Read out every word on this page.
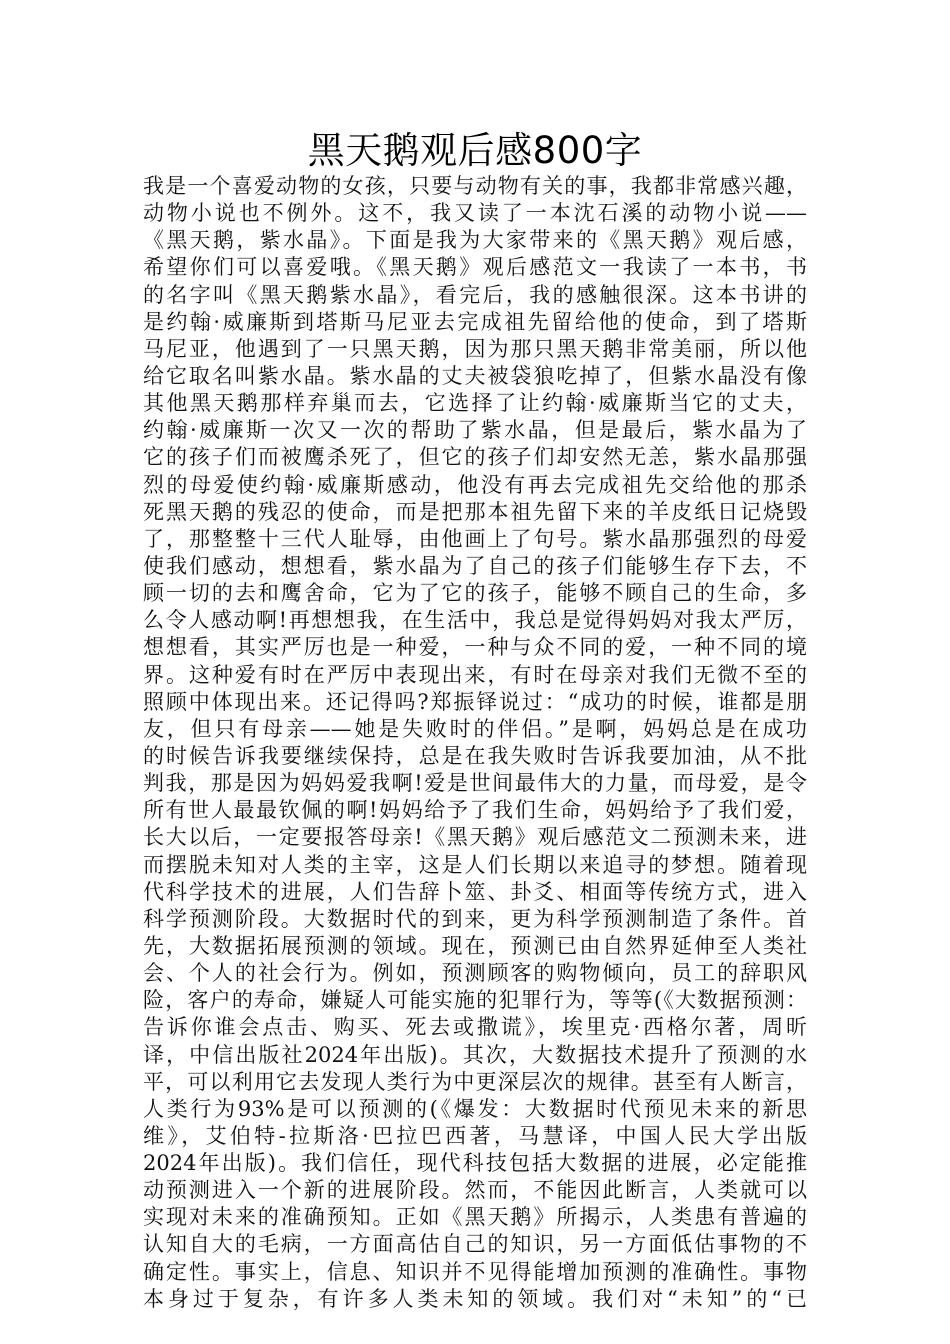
黑天鹅观后感800字
我是一个喜爱动物的女孩，只要与动物有关的事，我都非常感兴趣，
动物小说也不例外。这不，我又读了一本沈石溪的动物小说——
《黑天鹅，紫水晶》。下面是我为大家带来的《黑天鹅》观后感，
希望你们可以喜爱哦。《黑天鹅》观后感范文一我读了一本书，书
的名字叫《黑天鹅紫水晶》，看完后，我的感触很深。这本书讲的
是约翰·威廉斯到塔斯马尼亚去完成祖先留给他的使命，到了塔斯
马尼亚，他遇到了一只黑天鹅，因为那只黑天鹅非常美丽，所以他
给它取名叫紫水晶。紫水晶的丈夫被袋狼吃掉了，但紫水晶没有像
其他黑天鹅那样弃巢而去，它选择了让约翰·威廉斯当它的丈夫，
约翰·威廉斯一次又一次的帮助了紫水晶，但是最后，紫水晶为了
它的孩子们而被鹰杀死了，但它的孩子们却安然无恙，紫水晶那强
烈的母爱使约翰·威廉斯感动，他没有再去完成祖先交给他的那杀
死黑天鹅的残忍的使命，而是把那本祖先留下来的羊皮纸日记烧毁
了，那整整十三代人耻辱，由他画上了句号。紫水晶那强烈的母爱
使我们感动，想想看，紫水晶为了自己的孩子们能够生存下去，不
顾一切的去和鹰舍命，它为了它的孩子，能够不顾自己的生命，多
么令人感动啊!再想想我，在生活中，我总是觉得妈妈对我太严厉，
想想看，其实严厉也是一种爱，一种与众不同的爱，一种不同的境
界。这种爱有时在严厉中表现出来，有时在母亲对我们无微不至的
照顾中体现出来。还记得吗?郑振铎说过：“成功的时候，谁都是朋
友，但只有母亲——她是失败时的伴侣。”是啊，妈妈总是在成功
的时候告诉我要继续保持，总是在我失败时告诉我要加油，从不批
判我，那是因为妈妈爱我啊!爱是世间最伟大的力量，而母爱，是令
所有世人最最钦佩的啊!妈妈给予了我们生命，妈妈给予了我们爱，
长大以后，一定要报答母亲!《黑天鹅》观后感范文二预测未来，进
而摆脱未知对人类的主宰，这是人们长期以来追寻的梦想。随着现
代科学技术的进展，人们告辞卜筮、卦爻、相面等传统方式，进入
科学预测阶段。大数据时代的到来，更为科学预测制造了条件。首
先，大数据拓展预测的领域。现在，预测已由自然界延伸至人类社
会、个人的社会行为。例如，预测顾客的购物倾向，员工的辞职风
险，客户的寿命，嫌疑人可能实施的犯罪行为，等等(《大数据预测：
告诉你谁会点击、购买、死去或撒谎》，埃里克·西格尔著，周昕
译，中信出版社2024年出版)。其次，大数据技术提升了预测的水
平，可以利用它去发现人类行为中更深层次的规律。甚至有人断言，
人类行为93%是可以预测的(《爆发：大数据时代预见未来的新思
维》，艾伯特-拉斯洛·巴拉巴西著，马慧译，中国人民大学出版
2024年出版)。我们信任，现代科技包括大数据的进展，必定能推
动预测进入一个新的进展阶段。然而，不能因此断言，人类就可以
实现对未来的准确预知。正如《黑天鹅》所揭示，人类患有普遍的
认知自大的毛病，一方面高估自己的知识，另一方面低估事物的不
确定性。事实上，信息、知识并不见得能增加预测的准确性。事物
本身过于复杂，有许多人类未知的领域。我们对“未知”的“已
